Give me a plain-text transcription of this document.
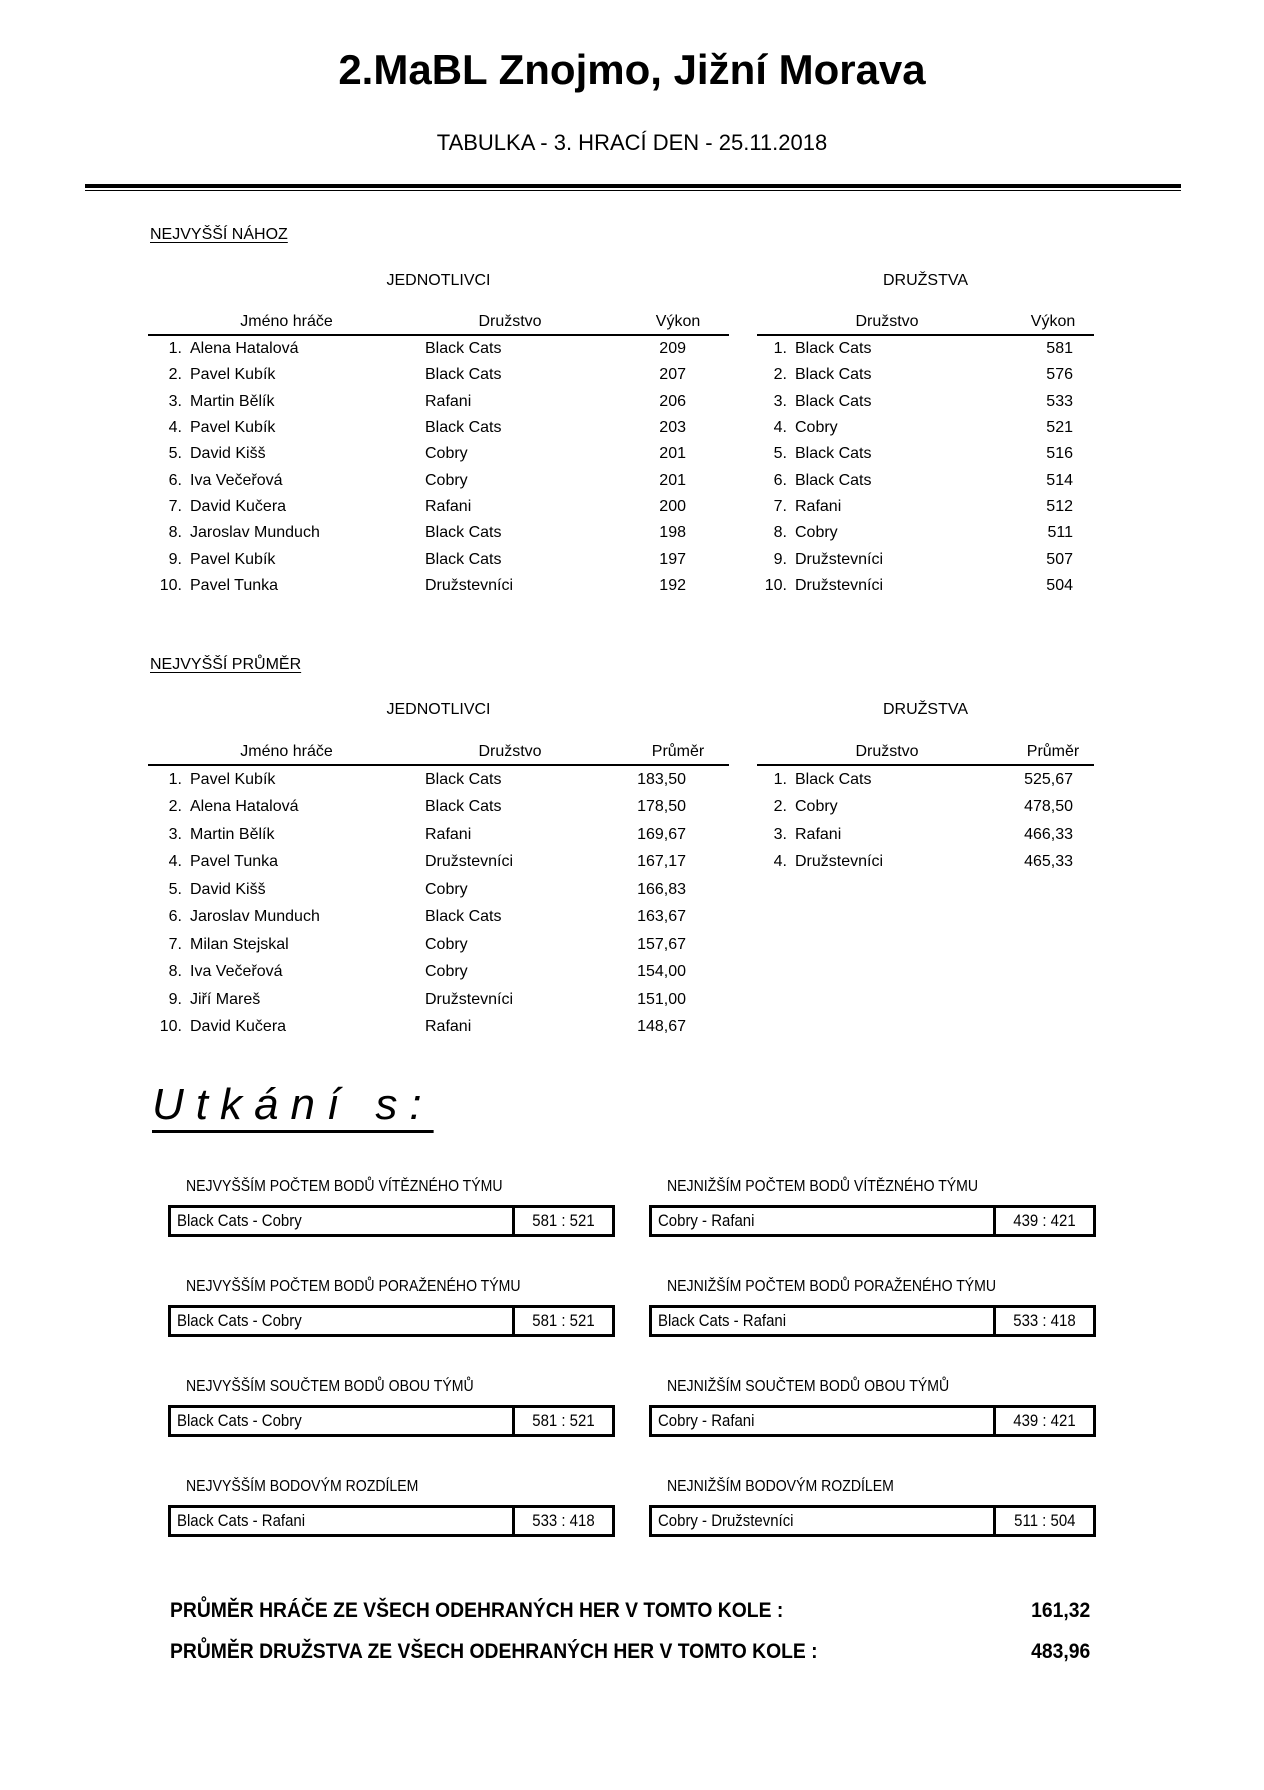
2.MaBL Znojmo, Jižní Morava
TABULKA - 3. HRACÍ DEN - 25.11.2018
NEJVYŠŠÍ NÁHOZ
JEDNOTLIVCI	DRUŽSTVA
Jméno hráče	Družstvo	Výkon
1. Alena Hatalová	Black Cats	209
2. Pavel Kubík	Black Cats	207
3. Martin Bělík	Rafani	206
4. Pavel Kubík	Black Cats	203
5. David Kišš	Cobry	201
6. Iva Večeřová	Cobry	201
7. David Kučera	Rafani	200
8. Jaroslav Munduch	Black Cats	198
9. Pavel Kubík	Black Cats	197
10. Pavel Tunka	Družstevníci	192
Družstvo	Výkon
1. Black Cats	581
2. Black Cats	576
3. Black Cats	533
4. Cobry	521
5. Black Cats	516
6. Black Cats	514
7. Rafani	512
8. Cobry	511
9. Družstevníci	507
10. Družstevníci	504
NEJVYŠŠÍ PRŮMĚR
JEDNOTLIVCI	DRUŽSTVA
Jméno hráče	Družstvo	Průměr
1. Pavel Kubík	Black Cats	183,50
2. Alena Hatalová	Black Cats	178,50
3. Martin Bělík	Rafani	169,67
4. Pavel Tunka	Družstevníci	167,17
5. David Kišš	Cobry	166,83
6. Jaroslav Munduch	Black Cats	163,67
7. Milan Stejskal	Cobry	157,67
8. Iva Večeřová	Cobry	154,00
9. Jiří Mareš	Družstevníci	151,00
10. David Kučera	Rafani	148,67
Družstvo	Průměr
1. Black Cats	525,67
2. Cobry	478,50
3. Rafani	466,33
4. Družstevníci	465,33
Utkání s:
NEJVYŠŠÍM POČTEM BODŮ VÍTĚZNÉHO TÝMU
Black Cats - Cobry	581 : 521
NEJNIŽŠÍM POČTEM BODŮ VÍTĚZNÉHO TÝMU
Cobry - Rafani	439 : 421
NEJVYŠŠÍM POČTEM BODŮ PORAŽENÉHO TÝMU
Black Cats - Cobry	581 : 521
NEJNIŽŠÍM POČTEM BODŮ PORAŽENÉHO TÝMU
Black Cats - Rafani	533 : 418
NEJVYŠŠÍM SOUČTEM BODŮ OBOU TÝMŮ
Black Cats - Cobry	581 : 521
NEJNIŽŠÍM SOUČTEM BODŮ OBOU TÝMŮ
Cobry - Rafani	439 : 421
NEJVYŠŠÍM BODOVÝM ROZDÍLEM
Black Cats - Rafani	533 : 418
NEJNIŽŠÍM BODOVÝM ROZDÍLEM
Cobry - Družstevníci	511 : 504
PRŮMĚR HRÁČE ZE VŠECH ODEHRANÝCH HER V TOMTO KOLE :	161,32
PRŮMĚR DRUŽSTVA ZE VŠECH ODEHRANÝCH HER V TOMTO KOLE :	483,96
